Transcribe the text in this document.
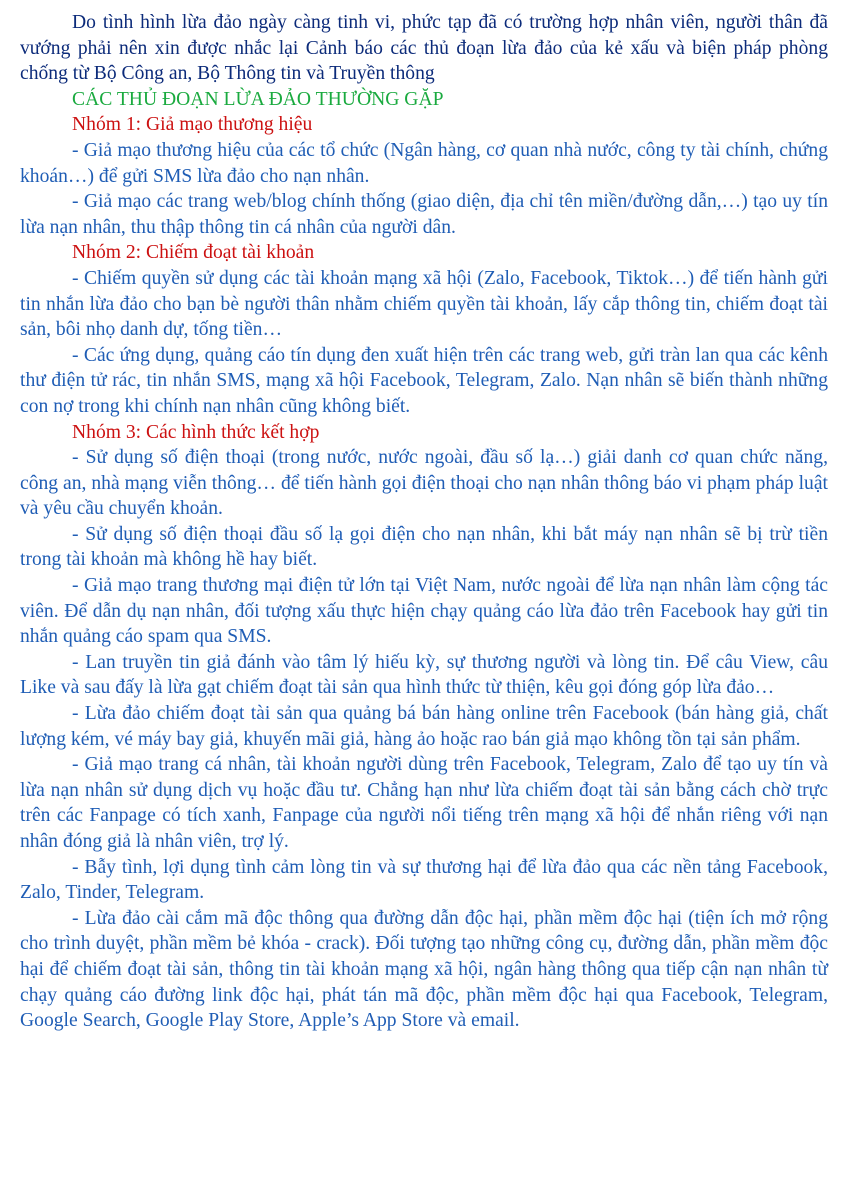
Do tình hình lừa đảo ngày càng tinh vi, phức tạp đã có trường hợp nhân viên, người thân đã vướng phải nên xin được nhắc lại Cảnh báo các thủ đoạn lừa đảo của kẻ xấu và biện pháp phòng chống từ Bộ Công an, Bộ Thông tin và Truyền thông

CÁC THỦ ĐOẠN LỪA ĐẢO THƯỜNG GẶP

Nhóm 1: Giả mạo thương hiệu

- Giả mạo thương hiệu của các tổ chức (Ngân hàng, cơ quan nhà nước, công ty tài chính, chứng khoán…) để gửi SMS lừa đảo cho nạn nhân.

- Giả mạo các trang web/blog chính thống (giao diện, địa chỉ tên miền/đường dẫn,…) tạo uy tín lừa nạn nhân, thu thập thông tin cá nhân của người dân.

Nhóm 2: Chiếm đoạt tài khoản

- Chiếm quyền sử dụng các tài khoản mạng xã hội (Zalo, Facebook, Tiktok…) để tiến hành gửi tin nhắn lừa đảo cho bạn bè người thân nhằm chiếm quyền tài khoản, lấy cắp thông tin, chiếm đoạt tài sản, bôi nhọ danh dự, tống tiền…

- Các ứng dụng, quảng cáo tín dụng đen xuất hiện trên các trang web, gửi tràn lan qua các kênh thư điện tử rác, tin nhắn SMS, mạng xã hội Facebook, Telegram, Zalo. Nạn nhân sẽ biến thành những con nợ trong khi chính nạn nhân cũng không biết.

Nhóm 3: Các hình thức kết hợp

- Sử dụng số điện thoại (trong nước, nước ngoài, đầu số lạ…) giải danh cơ quan chức năng, công an, nhà mạng viễn thông… để tiến hành gọi điện thoại cho nạn nhân thông báo vi phạm pháp luật và yêu cầu chuyển khoản.

- Sử dụng số điện thoại đầu số lạ gọi điện cho nạn nhân, khi bắt máy nạn nhân sẽ bị trừ tiền trong tài khoản mà không hề hay biết.

- Giả mạo trang thương mại điện tử lớn tại Việt Nam, nước ngoài để lừa nạn nhân làm cộng tác viên. Để dẫn dụ nạn nhân, đối tượng xấu thực hiện chạy quảng cáo lừa đảo trên Facebook hay gửi tin nhắn quảng cáo spam qua SMS.

- Lan truyền tin giả đánh vào tâm lý hiếu kỳ, sự thương người và lòng tin. Để câu View, câu Like và sau đấy là lừa gạt chiếm đoạt tài sản qua hình thức từ thiện, kêu gọi đóng góp lừa đảo…

- Lừa đảo chiếm đoạt tài sản qua quảng bá bán hàng online trên Facebook (bán hàng giả, chất lượng kém, vé máy bay giả, khuyến mãi giả, hàng ảo hoặc rao bán giả mạo không tồn tại sản phẩm.

- Giả mạo trang cá nhân, tài khoản người dùng trên Facebook, Telegram, Zalo để tạo uy tín và lừa nạn nhân sử dụng dịch vụ hoặc đầu tư. Chẳng hạn như lừa chiếm đoạt tài sản bằng cách chờ trực trên các Fanpage có tích xanh, Fanpage của người nổi tiếng trên mạng xã hội để nhắn riêng với nạn nhân đóng giả là nhân viên, trợ lý.

- Bẫy tình, lợi dụng tình cảm lòng tin và sự thương hại để lừa đảo qua các nền tảng Facebook, Zalo, Tinder, Telegram.

- Lừa đảo cài cắm mã độc thông qua đường dẫn độc hại, phần mềm độc hại (tiện ích mở rộng cho trình duyệt, phần mềm bẻ khóa - crack). Đối tượng tạo những công cụ, đường dẫn, phần mềm độc hại để chiếm đoạt tài sản, thông tin tài khoản mạng xã hội, ngân hàng thông qua tiếp cận nạn nhân từ chạy quảng cáo đường link độc hại, phát tán mã độc, phần mềm độc hại qua Facebook, Telegram, Google Search, Google Play Store, Apple’s App Store và email.
